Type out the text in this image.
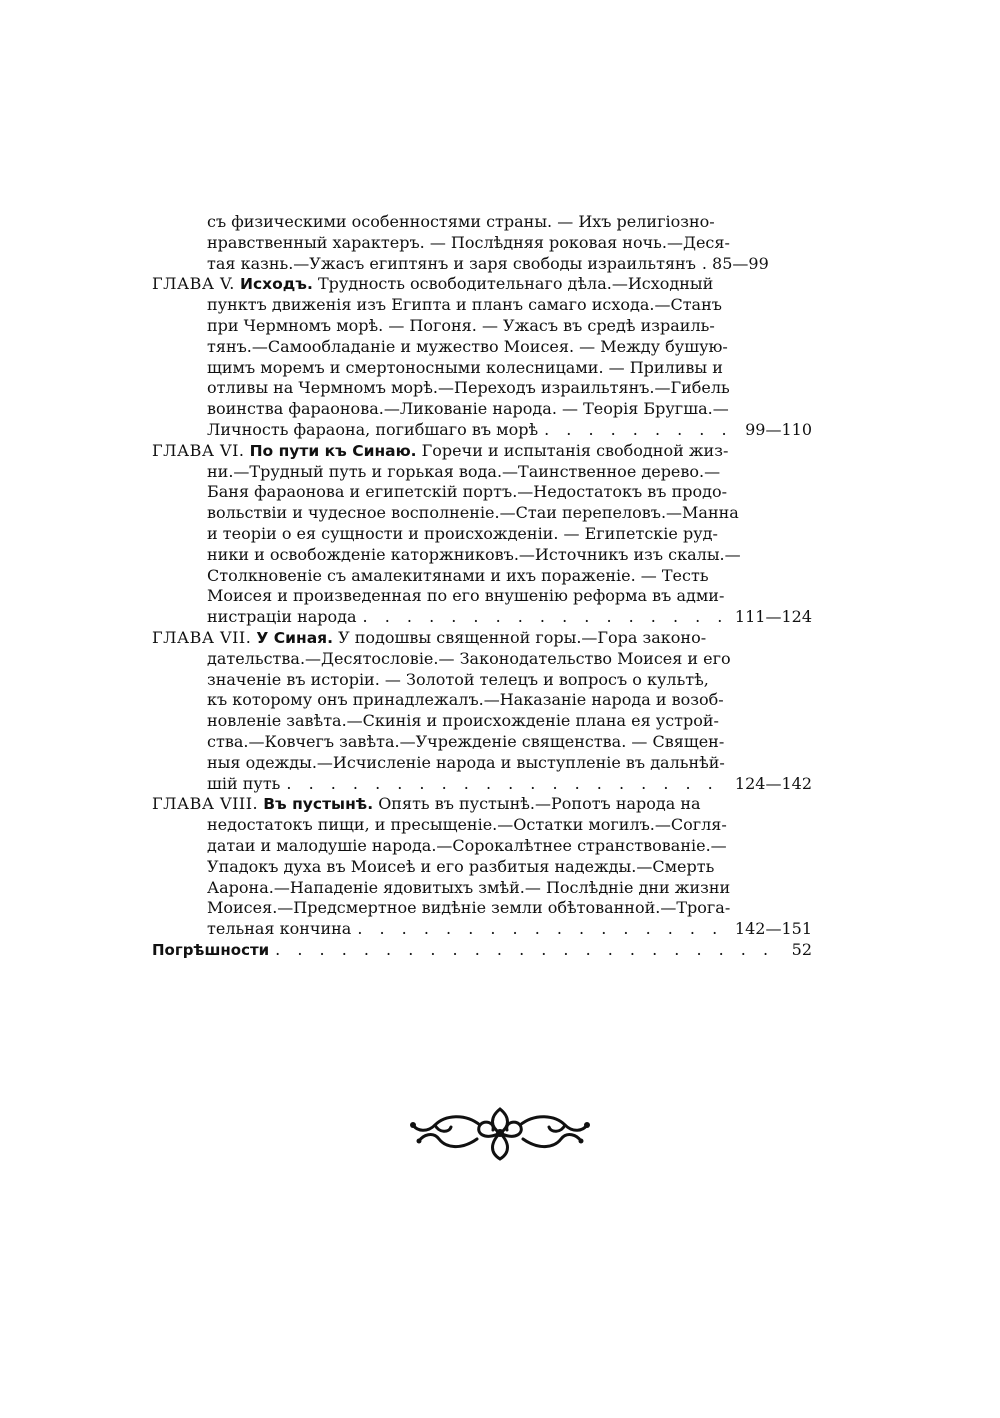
съ физическими особенностями страны. — Ихъ религіозно-
нравственный характеръ. — Послѣдняя роковая ночь.—Деся-
тая казнь.—Ужасъ египтянъ и заря свободы израильтянъ . 85—99
ГЛАВА V. Исходъ. Трудность освободительнагo дѣла.—Исходный
пунктъ движенія изъ Египта и планъ самаго исхода.—Станъ
при Чермномъ морѣ. — Погоня. — Ужасъ въ средѣ израиль-
тянъ.—Самообладаніе и мужество Моисея. — Между бушую-
щимъ моремъ и смертоносными колесницами. — Приливы и
отливы на Чермномъ морѣ.—Переходъ израильтянъ.—Гибель
воинства фараонова.—Ликованіе народа. — Теорія Бругша.—
Личность фараона, погибшаго въ морѣ . . .	99—110
ГЛАВА VI. По пути къ Синаю. Горечи и испытанія свободной жиз-
ни.—Трудный путь и горькая вода.—Таинственное дерево.—
Баня фараонова и египетскій портъ.—Недостатокъ въ продо-
вольствіи и чудесное восполненіе.—Стаи перепеловъ.—Манна
и теоріи о ея сущности и происхожденіи. — Египетскіе руд-
ники и освобожденіе каторжниковъ.—Источникъ изъ скалы.—
Столкновеніе съ амалекитянами и ихъ пораженіе. — Тесть
Моисея и произведенная по его внушенію реформа въ адми-
нистраціи народа . . .	111—124
ГЛАВА VII. У Синая. У подошвы священной горы.—Гора законо-
дательства.—Десятословіе.— Законодательство Моисея и его
значеніе въ исторіи. — Золотой телецъ и вопросъ о культѣ,
къ которому онъ принадлежалъ.—Наказаніе народа и возоб-
новленіе завѣта.—Скинія и происхожденіе плана ея устрой-
ства.—Ковчегъ завѣта.—Учрежденіе священства. — Священ-
ныя одежды.—Исчисленіе народа и выступленіе въ дальнѣй-
шій путь . . .	124—142
ГЛАВА VIII. Въ пустынѣ. Опять въ пустынѣ.—Ропотъ народа на
недостатокъ пищи, и пресыщеніе.—Остатки могилъ.—Согля-
датаи и малодушіе народа.—Сорокалѣтнее странствованіе.—
Упадокъ духа въ Моисеѣ и его разбитыя надежды.—Смерть
Аарона.—Нападеніе ядовитыхъ змѣй.— Послѣдніе дни жизни
Моисея.—Предсмертное видѣніе земли обѣтованной.—Трога-
тельная кончина . . .	142—151
Погрѣшности . . .	52
